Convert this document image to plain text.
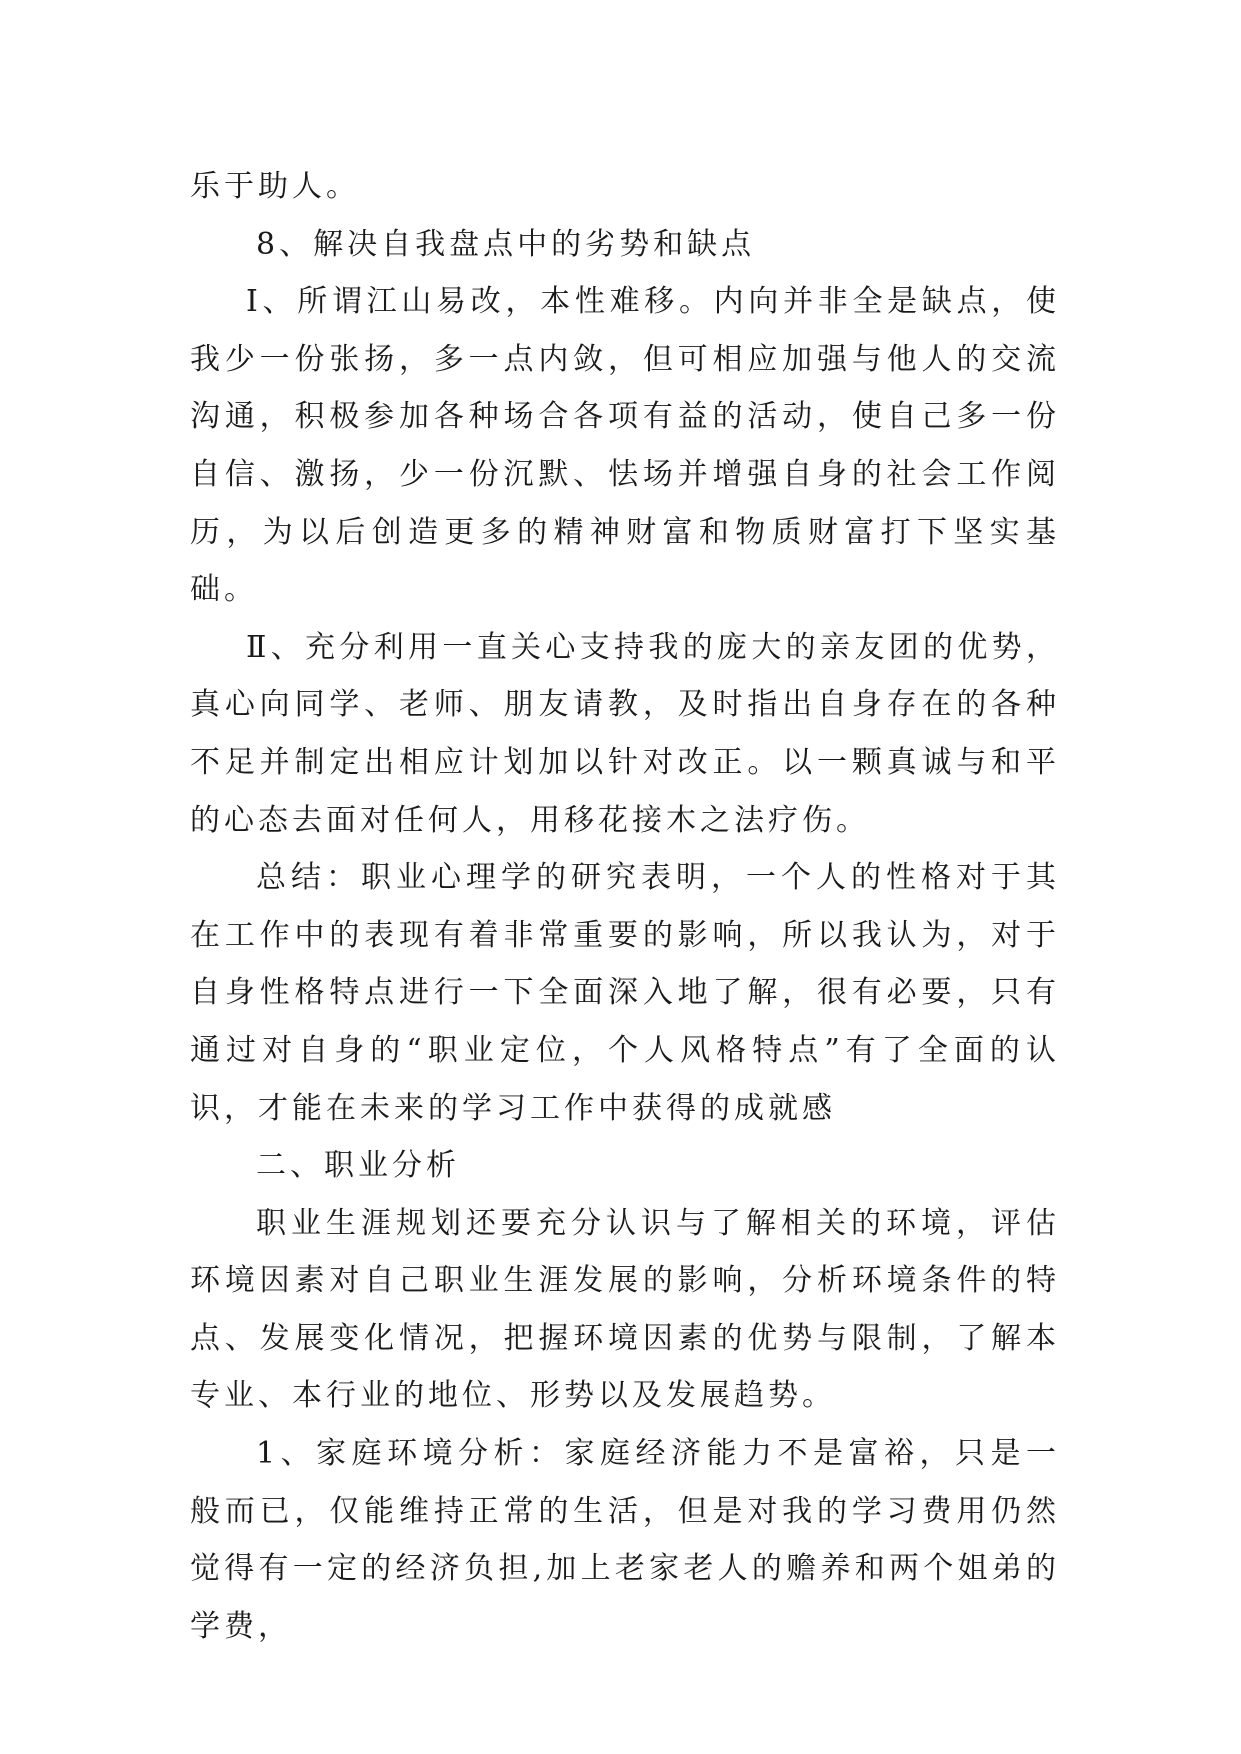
乐于助人。

8、解决自我盘点中的劣势和缺点

Ⅰ、所谓江山易改，本性难移。内向并非全是缺点，使我少一份张扬，多一点内敛，但可相应加强与他人的交流沟通，积极参加各种场合各项有益的活动，使自己多一份自信、激扬，少一份沉默、怯场并增强自身的社会工作阅历，为以后创造更多的精神财富和物质财富打下坚实基础。

Ⅱ、充分利用一直关心支持我的庞大的亲友团的优势，真心向同学、老师、朋友请教，及时指出自身存在的各种不足并制定出相应计划加以针对改正。以一颗真诚与和平的心态去面对任何人，用移花接木之法疗伤。

总结：职业心理学的研究表明，一个人的性格对于其在工作中的表现有着非常重要的影响，所以我认为，对于自身性格特点进行一下全面深入地了解，很有必要，只有通过对自身的“职业定位，个人风格特点”有了全面的认识，才能在未来的学习工作中获得的成就感

二、职业分析

职业生涯规划还要充分认识与了解相关的环境，评估环境因素对自己职业生涯发展的影响，分析环境条件的特点、发展变化情况，把握环境因素的优势与限制，了解本专业、本行业的地位、形势以及发展趋势。

1、家庭环境分析：家庭经济能力不是富裕，只是一般而已，仅能维持正常的生活，但是对我的学习费用仍然觉得有一定的经济负担,加上老家老人的赡养和两个姐弟的学费，
